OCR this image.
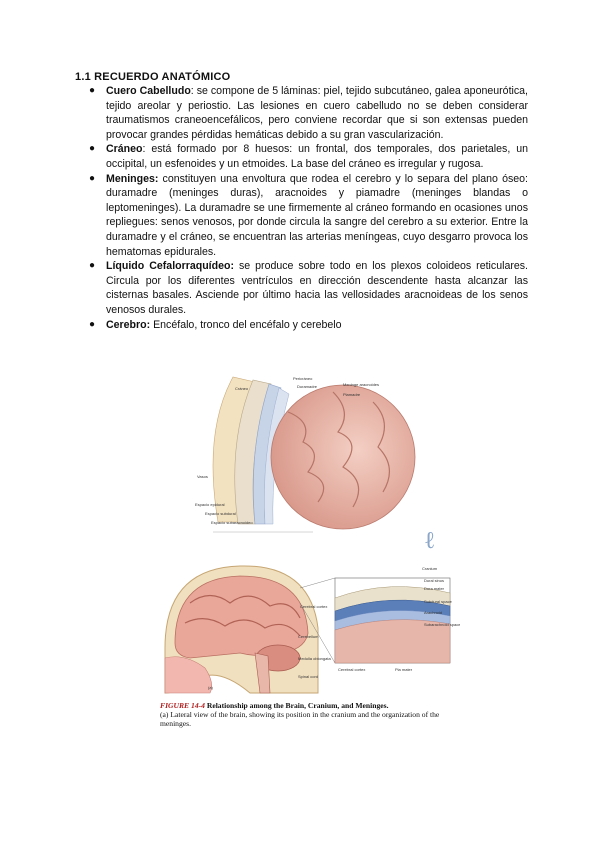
1.1 RECUERDO ANATÓMICO
● Cuero Cabelludo: se compone de 5 láminas: piel, tejido subcutáneo, galea aponeurótica, tejido areolar y periostio. Las lesiones en cuero cabelludo no se deben considerar traumatismos craneoencefálicos, pero conviene recordar que si son extensas pueden provocar grandes pérdidas hemáticas debido a su gran vascularización.
● Cráneo: está formado por 8 huesos: un frontal, dos temporales, dos parietales, un occipital, un esfenoides y un etmoides. La base del cráneo es irregular y rugosa.
● Meninges: constituyen una envoltura que rodea el cerebro y lo separa del plano óseo: duramadre (meninges duras), aracnoides y piamadre (meninges blandas o leptomeninges). La duramadre se une firmemente al cráneo formando en ocasiones unos repliegues: senos venosos, por donde circula la sangre del cerebro a su exterior. Entre la duramadre y el cráneo, se encuentran las arterias meníngeas, cuyo desgarro provoca los hematomas epidurales.
● Líquido Cefalorraquídeo: se produce sobre todo en los plexos coloideos reticulares. Circula por los diferentes ventrículos en dirección descendente hasta alcanzar las cisternas basales. Asciende por último hacia las vellosidades aracnoideas de los senos venosos durales.
● Cerebro: Encéfalo, tronco del encéfalo y cerebelo
Pericráneo
Cráneo	Duramadre	Meninge aracnoides
Piamadre
Vasos
Espacio epidural
Espacio subdural
Espacio subaracnoideo
ℓ
Cerebral cortex
Cerebellum
Medulla oblongata
Spinal cord
(a)
Cranium
Dural sinus
Dura mater
Subdural space
Arachnoid
Subarachnoid space
Cerebral cortex	Pia mater
FIGURE 14-4 Relationship among the Brain, Cranium, and Meninges.
(a) Lateral view of the brain, showing its position in the cranium and the organization of the meninges.
